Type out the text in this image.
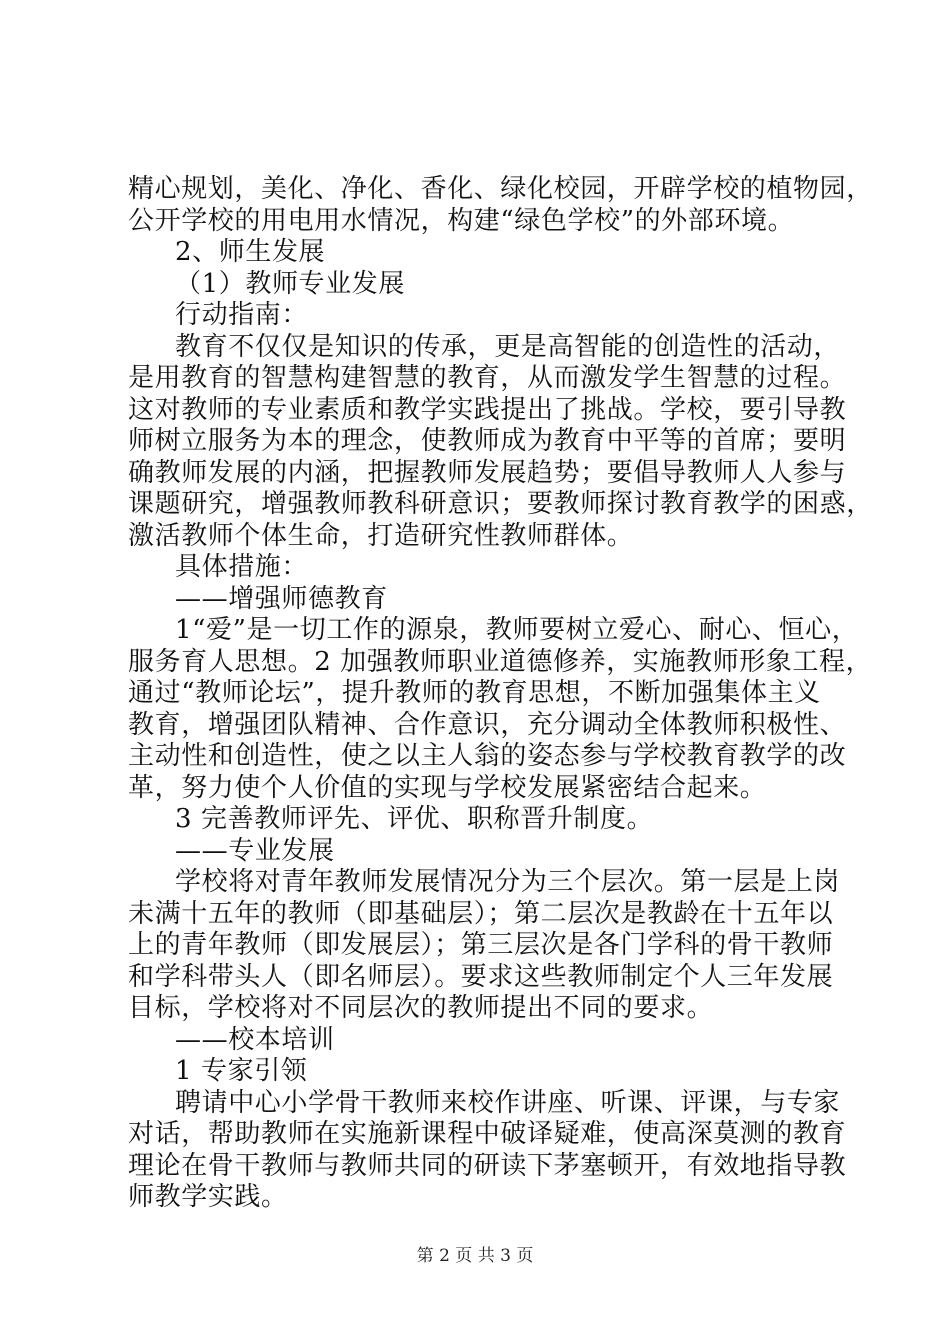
精心规划，美化、净化、香化、绿化校园，开辟学校的植物园，
公开学校的用电用水情况，构建“绿色学校”的外部环境。
2、师生发展
（1）教师专业发展
行动指南：
教育不仅仅是知识的传承，更是高智能的创造性的活动，
是用教育的智慧构建智慧的教育，从而激发学生智慧的过程。
这对教师的专业素质和教学实践提出了挑战。学校，要引导教
师树立服务为本的理念，使教师成为教育中平等的首席；要明
确教师发展的内涵，把握教师发展趋势；要倡导教师人人参与
课题研究，增强教师教科研意识；要教师探讨教育教学的困惑，
激活教师个体生命，打造研究性教师群体。
具体措施：
——增强师德教育
1“爱”是一切工作的源泉，教师要树立爱心、耐心、恒心，
服务育人思想。2 加强教师职业道德修养，实施教师形象工程，
通过“教师论坛”，提升教师的教育思想，不断加强集体主义
教育，增强团队精神、合作意识，充分调动全体教师积极性、
主动性和创造性，使之以主人翁的姿态参与学校教育教学的改
革，努力使个人价值的实现与学校发展紧密结合起来。
3 完善教师评先、评优、职称晋升制度。
——专业发展
学校将对青年教师发展情况分为三个层次。第一层是上岗
未满十五年的教师（即基础层）；第二层次是教龄在十五年以
上的青年教师（即发展层）；第三层次是各门学科的骨干教师
和学科带头人（即名师层）。要求这些教师制定个人三年发展
目标，学校将对不同层次的教师提出不同的要求。
——校本培训
1 专家引领
聘请中心小学骨干教师来校作讲座、听课、评课，与专家
对话，帮助教师在实施新课程中破译疑难，使高深莫测的教育
理论在骨干教师与教师共同的研读下茅塞顿开，有效地指导教
师教学实践。
第 2 页 共 3 页
